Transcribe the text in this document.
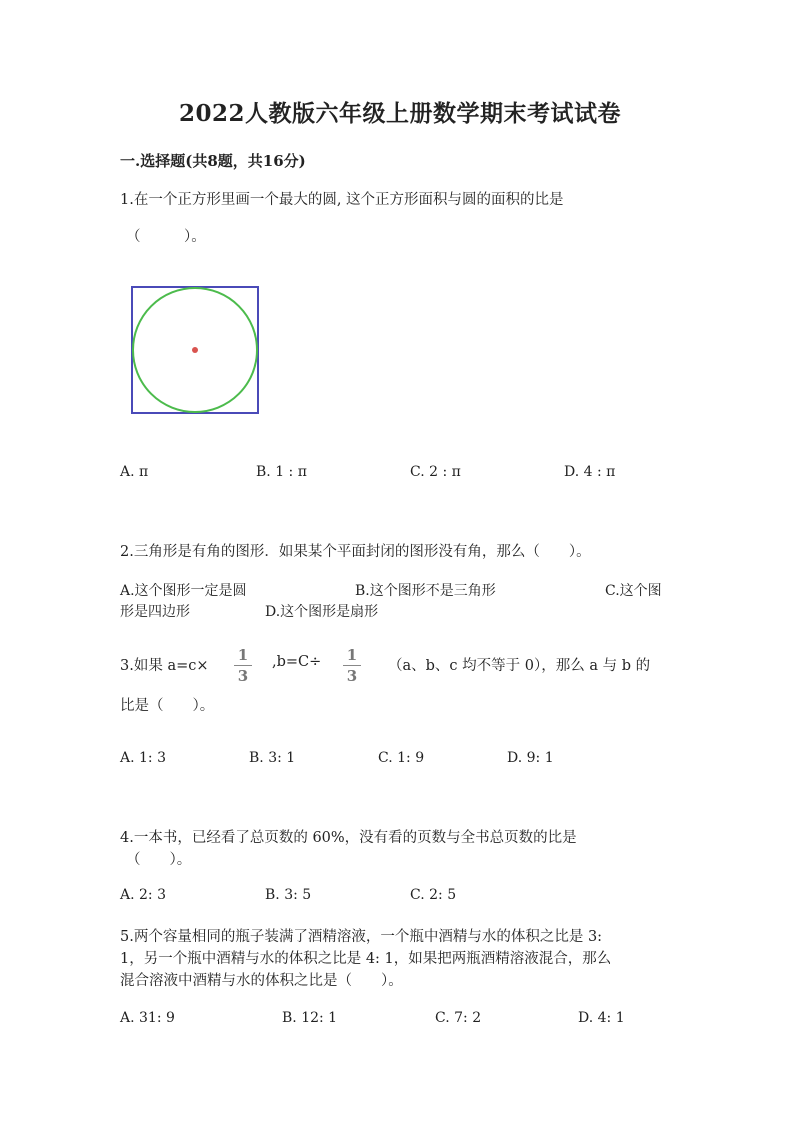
2022人教版六年级上册数学期末考试试卷
一.选择题(共8题，共16分)
1.在一个正方形里画一个最大的圆, 这个正方形面积与圆的面积的比是
（　　　）。
A. π	B. 1 : π	C. 2 : π	D. 4 : π
2.三角形是有角的图形．如果某个平面封闭的图形没有角，那么（　　）。
A.这个图形一定是圆	B.这个图形不是三角形	C.这个图
形是四边形	D.这个图形是扇形
3.如果 a=c×
1
3
,b=C÷ 1
3
（a、b、c 均不等于 0），那么 a 与 b 的
比是（　　）。
A. 1: 3	B. 3: 1	C. 1: 9	D. 9: 1
4.一本书，已经看了总页数的 60%，没有看的页数与全书总页数的比是
（　　）。
A. 2: 3	B. 3: 5	C. 2: 5
5.两个容量相同的瓶子装满了酒精溶液，一个瓶中酒精与水的体积之比是 3:
1，另一个瓶中酒精与水的体积之比是 4: 1，如果把两瓶酒精溶液混合，那么
混合溶液中酒精与水的体积之比是（　　）。
A. 31: 9	B. 12: 1	C. 7: 2	D. 4: 1
